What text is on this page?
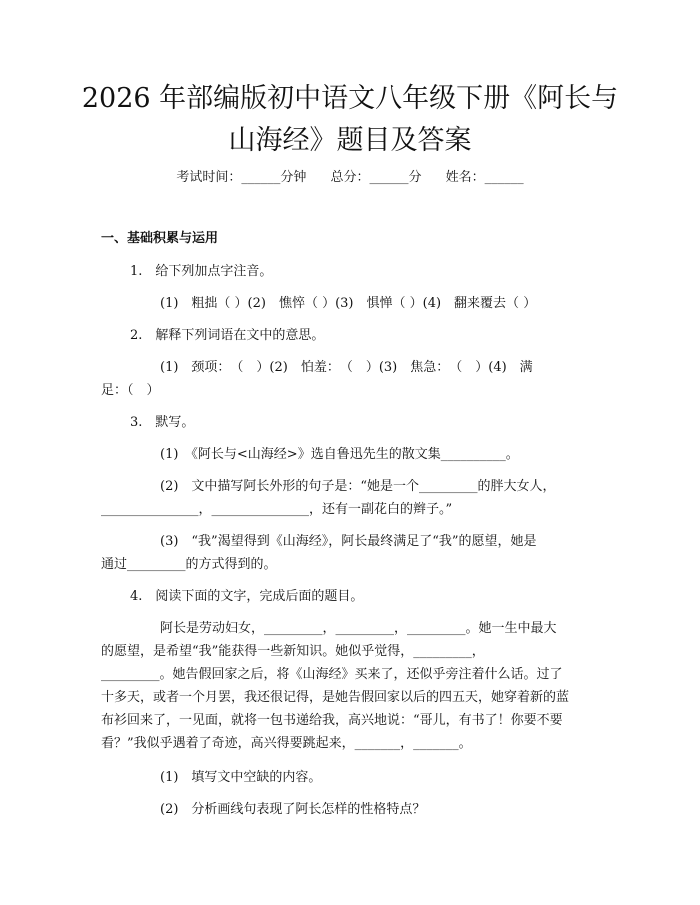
2026 年部编版初中语文八年级下册《阿长与
山海经》题目及答案
考试时间：______分钟 总分：______分 姓名：______
一、基础积累与运用
1.　给下列加点字注音。
(1)　粗拙（ ）(2)　憔悴（ ）(3)　惧惮（ ）(4)　翻来覆去（ ）
2.　解释下列词语在文中的意思。
(1)　颈项：　（　）(2)　怕羞：　（　）(3)　焦急：　（　）(4)　满
足：（　）
3.　默写。
(1)　《阿长与<山海经>》选自鲁迅先生的散文集__________。
(2)　文中描写阿长外形的句子是：“她是一个_________的胖大女人，
_______________，_______________，还有一副花白的辫子。”
(3)　“我”渴望得到《山海经》，阿长最终满足了“我”的愿望，她是
通过_________的方式得到的。
4.　阅读下面的文字，完成后面的题目。
阿长是劳动妇女，_________，_________，_________。她一生中最大
的愿望，是希望“我”能获得一些新知识。她似乎觉得，_________，
_________。她告假回家之后，将《山海经》买来了，还似乎旁注着什么话。过了
十多天，或者一个月罢，我还很记得，是她告假回家以后的四五天，她穿着新的蓝
布衫回来了，一见面，就将一包书递给我，高兴地说：“哥儿，有书了！你要不要
看？”我似乎遇着了奇迹，高兴得要跳起来，_______，_______。
(1)　填写文中空缺的内容。
(2)　分析画线句表现了阿长怎样的性格特点？
